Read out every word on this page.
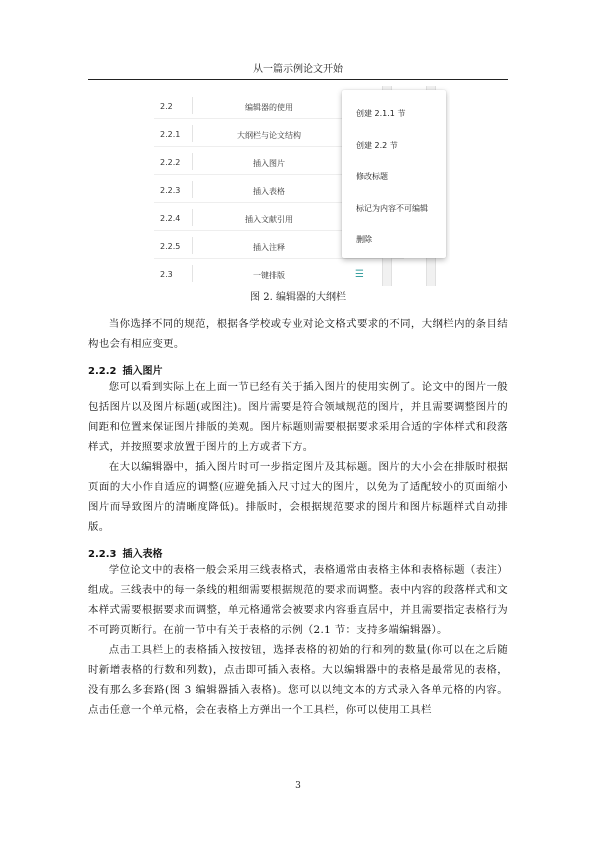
从一篇示例论文开始
2.2	编辑器的使用
2.2.1	大纲栏与论文结构
2.2.2	插入图片
2.2.3	插入表格
2.2.4	插入文献引用
2.2.5	插入注释
2.3	一键排版	☰
创建 2.1.1 节
创建 2.2 节
修改标题
标记为内容不可编辑
删除
图 2. 编辑器的大纲栏

当你选择不同的规范，根据各学校或专业对论文格式要求的不同，大纲栏内的条目结构也会有相应变更。

2.2.2 插入图片

您可以看到实际上在上面一节已经有关于插入图片的使用实例了。论文中的图片一般包括图片以及图片标题(或图注)。图片需要是符合领域规范的图片，并且需要调整图片的间距和位置来保证图片排版的美观。图片标题则需要根据要求采用合适的字体样式和段落样式，并按照要求放置于图片的上方或者下方。

在大以编辑器中，插入图片时可一步指定图片及其标题。图片的大小会在排版时根据页面的大小作自适应的调整(应避免插入尺寸过大的图片，以免为了适配较小的页面缩小图片而导致图片的清晰度降低)。排版时，会根据规范要求的图片和图片标题样式自动排版。

2.2.3 插入表格

学位论文中的表格一般会采用三线表格式，表格通常由表格主体和表格标题（表注）组成。三线表中的每一条线的粗细需要根据规范的要求而调整。表中内容的段落样式和文本样式需要根据要求而调整，单元格通常会被要求内容垂直居中，并且需要指定表格行为不可跨页断行。在前一节中有关于表格的示例（2.1 节：支持多端编辑器）。

点击工具栏上的表格插入按按钮，选择表格的初始的行和列的数量(你可以在之后随时新增表格的行数和列数)，点击即可插入表格。大以编辑器中的表格是最常见的表格，没有那么多套路(图 3 编辑器插入表格)。您可以以纯文本的方式录入各单元格的内容。点击任意一个单元格，会在表格上方弹出一个工具栏，你可以使用工具栏

3
